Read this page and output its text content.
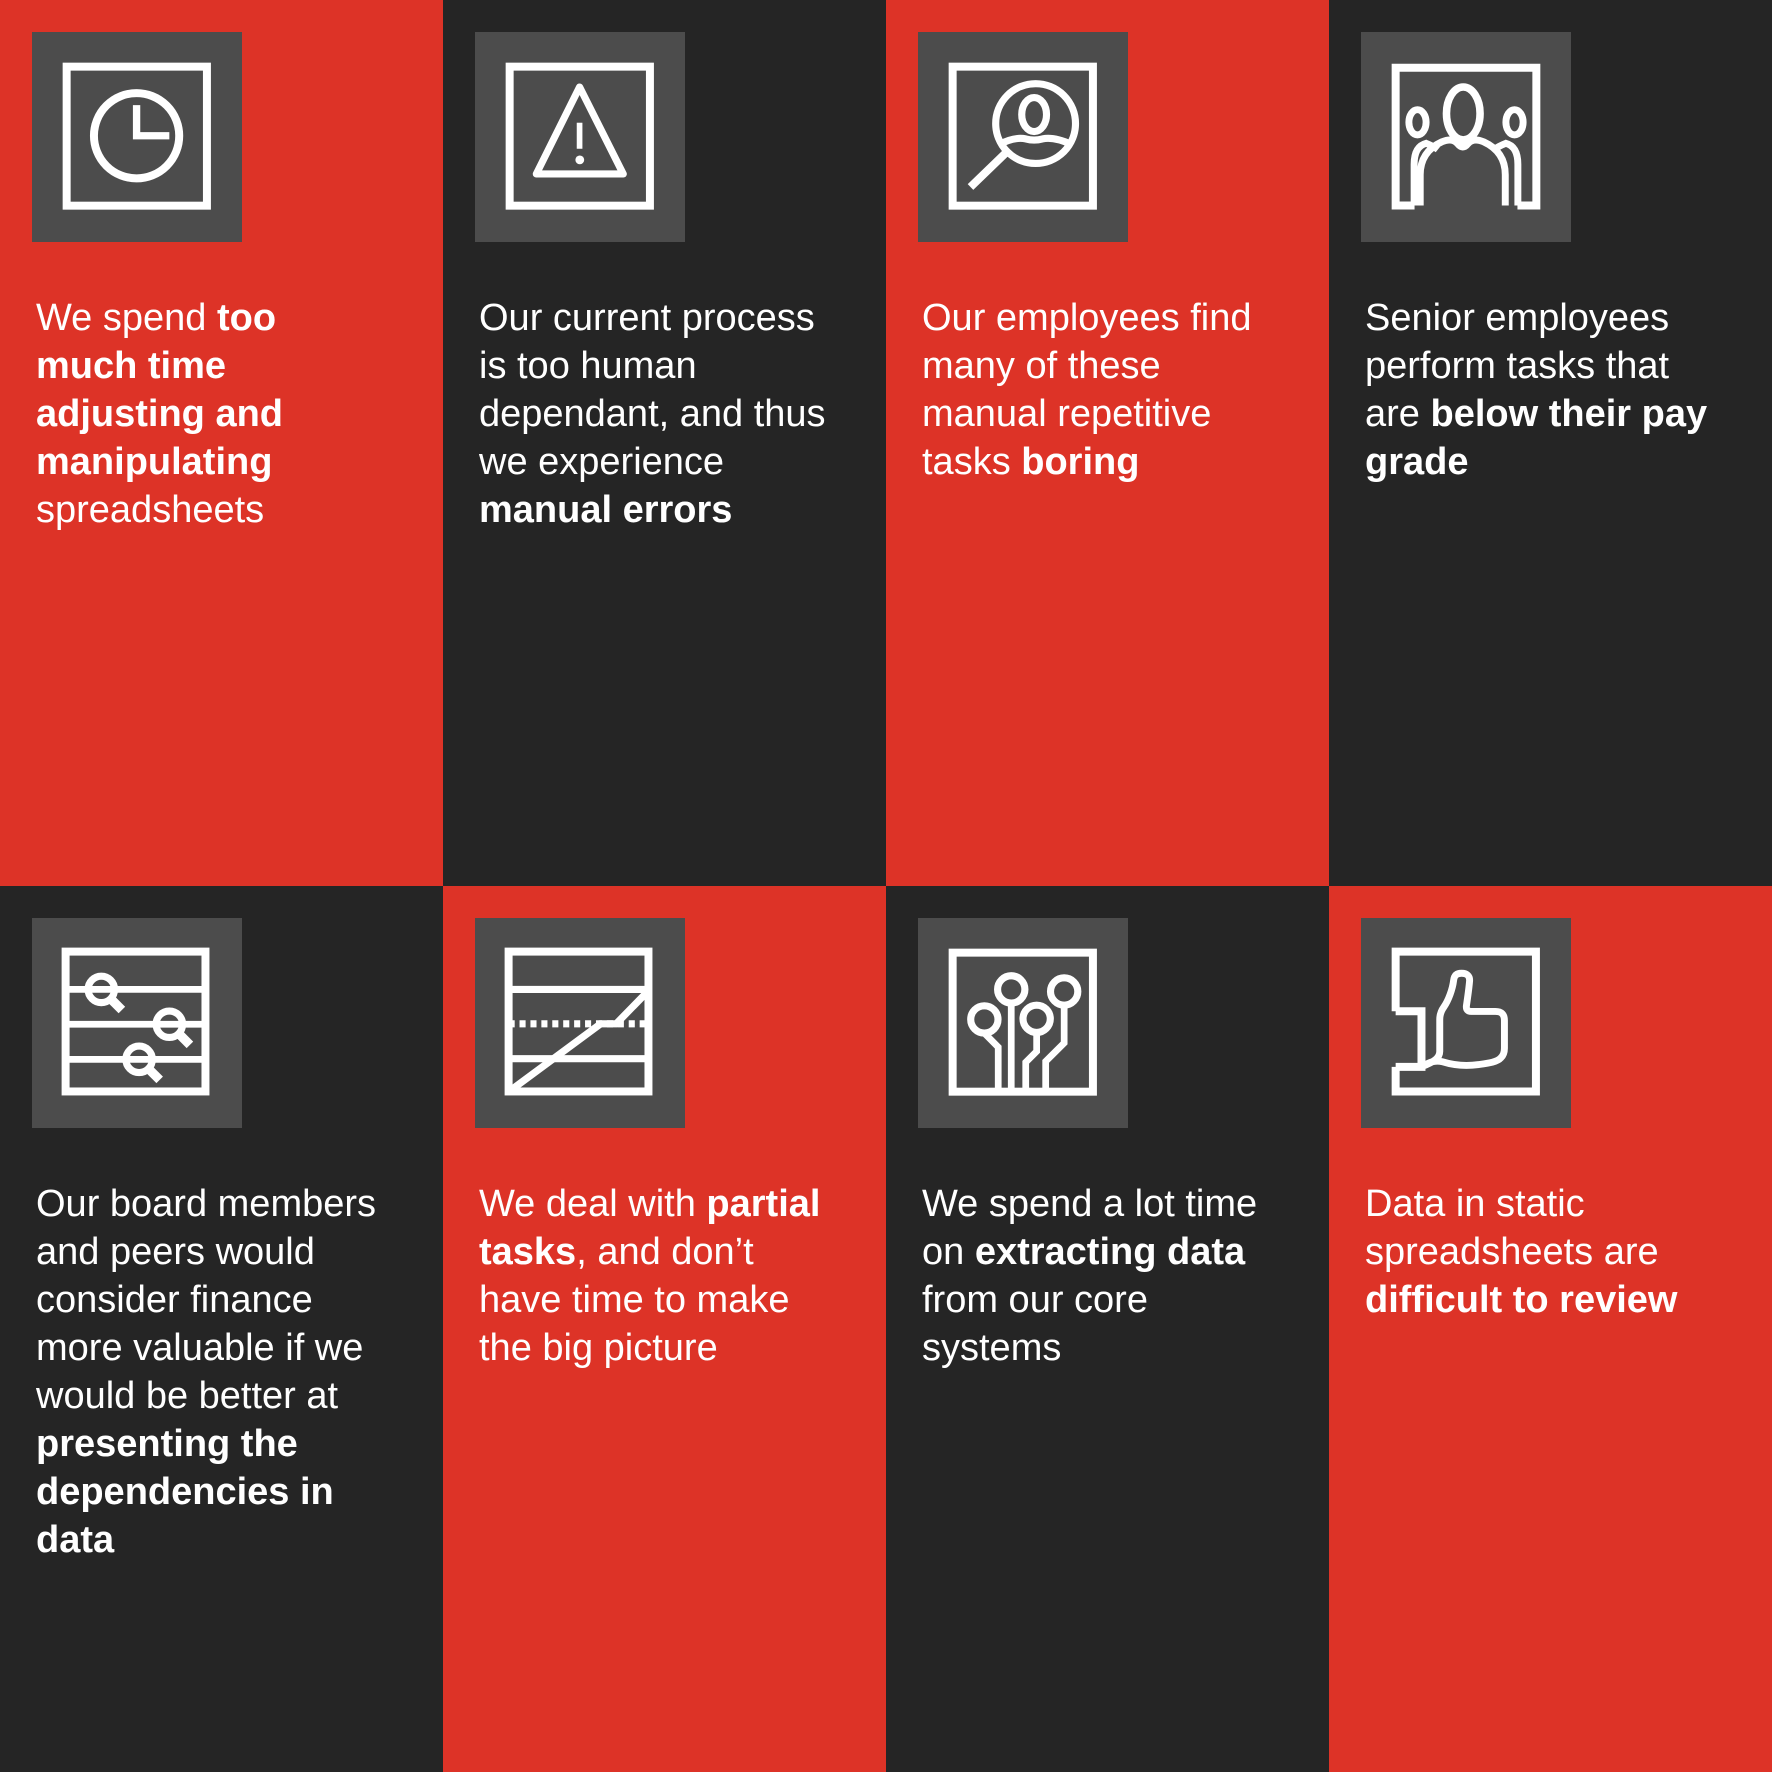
We spend too much time adjusting and manipulating spreadsheets

Our current process is too human dependant, and thus we experience manual errors

Our employees find many of these manual repetitive tasks boring

Senior employees perform tasks that are below their pay grade

Our board members and peers would consider finance more valuable if we would be better at presenting the dependencies in data

We deal with partial tasks, and don’t have time to make the big picture

We spend a lot time on extracting data from our core systems

Data in static spreadsheets are difficult to review
